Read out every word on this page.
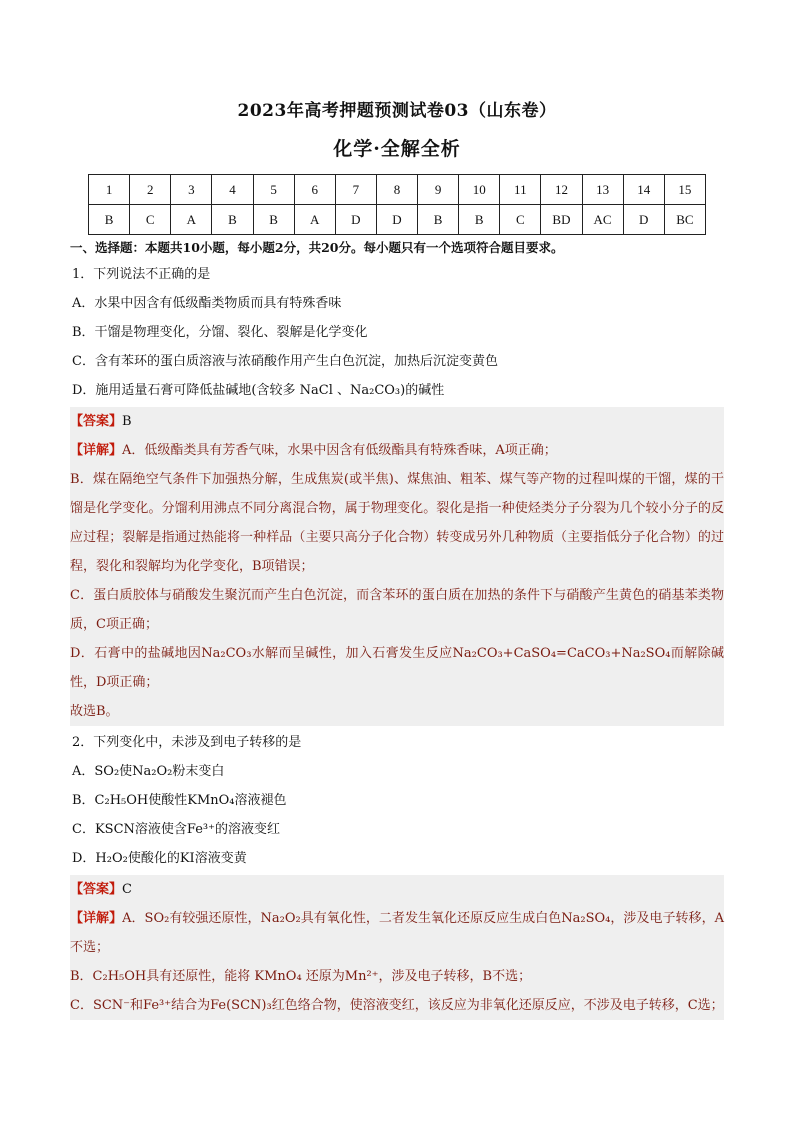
2023年高考押题预测试卷03（山东卷）
化学·全解全析
1	2	3	4	5	6	7	8	9	10	11	12	13	14	15
B	C	A	B	B	A	D	D	B	B	C	BD	AC	D	BC
一、选择题：本题共10小题，每小题2分，共20分。每小题只有一个选项符合题目要求。
1．下列说法不正确的是
A．水果中因含有低级酯类物质而具有特殊香味
B．干馏是物理变化，分馏、裂化、裂解是化学变化
C．含有苯环的蛋白质溶液与浓硝酸作用产生白色沉淀，加热后沉淀变黄色
D．施用适量石膏可降低盐碱地(含较多 NaCl 、Na₂CO₃)的碱性
【答案】B
【详解】A．低级酯类具有芳香气味，水果中因含有低级酯具有特殊香味，A项正确；
B．煤在隔绝空气条件下加强热分解，生成焦炭(或半焦)、煤焦油、粗苯、煤气等产物的过程叫煤的干馏，煤的干馏是化学变化。分馏利用沸点不同分离混合物，属于物理变化。裂化是指一种使烃类分子分裂为几个较小分子的反应过程；裂解是指通过热能将一种样品（主要只高分子化合物）转变成另外几种物质（主要指低分子化合物）的过程，裂化和裂解均为化学变化，B项错误；
C．蛋白质胶体与硝酸发生聚沉而产生白色沉淀，而含苯环的蛋白质在加热的条件下与硝酸产生黄色的硝基苯类物质，C项正确；
D．石膏中的盐碱地因Na₂CO₃水解而呈碱性，加入石膏发生反应Na₂CO₃+CaSO₄=CaCO₃+Na₂SO₄而解除碱性，D项正确；
故选B。
2．下列变化中，未涉及到电子转移的是
A．SO₂使Na₂O₂粉末变白
B．C₂H₅OH使酸性KMnO₄溶液褪色
C．KSCN溶液使含Fe³⁺的溶液变红
D．H₂O₂使酸化的KI溶液变黄
【答案】C
【详解】A．SO₂有较强还原性，Na₂O₂具有氧化性，二者发生氧化还原反应生成白色Na₂SO₄，涉及电子转移，A不选；
B．C₂H₅OH具有还原性，能将 KMnO₄ 还原为Mn²⁺，涉及电子转移，B不选；
C．SCN⁻和Fe³⁺结合为Fe(SCN)₃红色络合物，使溶液变红，该反应为非氧化还原反应，不涉及电子转移，C选；
